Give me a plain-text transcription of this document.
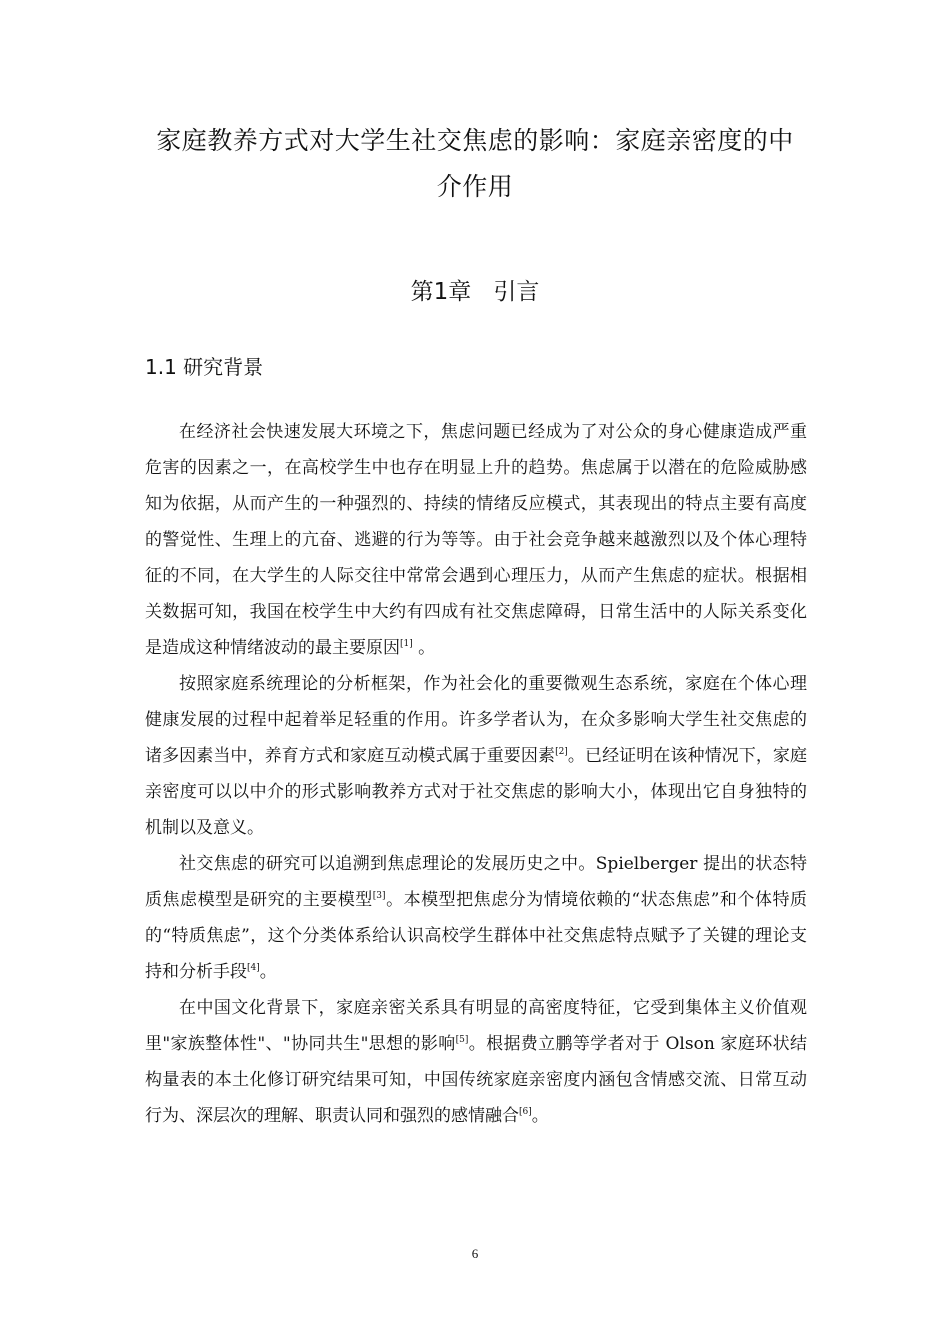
家庭教养方式对大学生社交焦虑的影响：家庭亲密度的中介作用
第1章 引言
1.1 研究背景

在经济社会快速发展大环境之下，焦虑问题已经成为了对公众的身心健康造成严重危害的因素之一，在高校学生中也存在明显上升的趋势。焦虑属于以潜在的危险威胁感知为依据，从而产生的一种强烈的、持续的情绪反应模式，其表现出的特点主要有高度的警觉性、生理上的亢奋、逃避的行为等等。由于社会竞争越来越激烈以及个体心理特征的不同，在大学生的人际交往中常常会遇到心理压力，从而产生焦虑的症状。根据相关数据可知，我国在校学生中大约有四成有社交焦虑障碍，日常生活中的人际关系变化是造成这种情绪波动的最主要原因[1] 。

按照家庭系统理论的分析框架，作为社会化的重要微观生态系统，家庭在个体心理健康发展的过程中起着举足轻重的作用。许多学者认为，在众多影响大学生社交焦虑的诸多因素当中，养育方式和家庭互动模式属于重要因素[2]。已经证明在该种情况下，家庭亲密度可以以中介的形式影响教养方式对于社交焦虑的影响大小，体现出它自身独特的机制以及意义。

社交焦虑的研究可以追溯到焦虑理论的发展历史之中。Spielberger 提出的状态特质焦虑模型是研究的主要模型[3]。本模型把焦虑分为情境依赖的“状态焦虑”和个体特质的“特质焦虑”，这个分类体系给认识高校学生群体中社交焦虑特点赋予了关键的理论支持和分析手段[4]。

在中国文化背景下，家庭亲密关系具有明显的高密度特征，它受到集体主义价值观里"家族整体性"、"协同共生"思想的影响[5]。根据费立鹏等学者对于 Olson 家庭环状结构量表的本土化修订研究结果可知，中国传统家庭亲密度内涵包含情感交流、日常互动行为、深层次的理解、职责认同和强烈的感情融合[6]。

6
